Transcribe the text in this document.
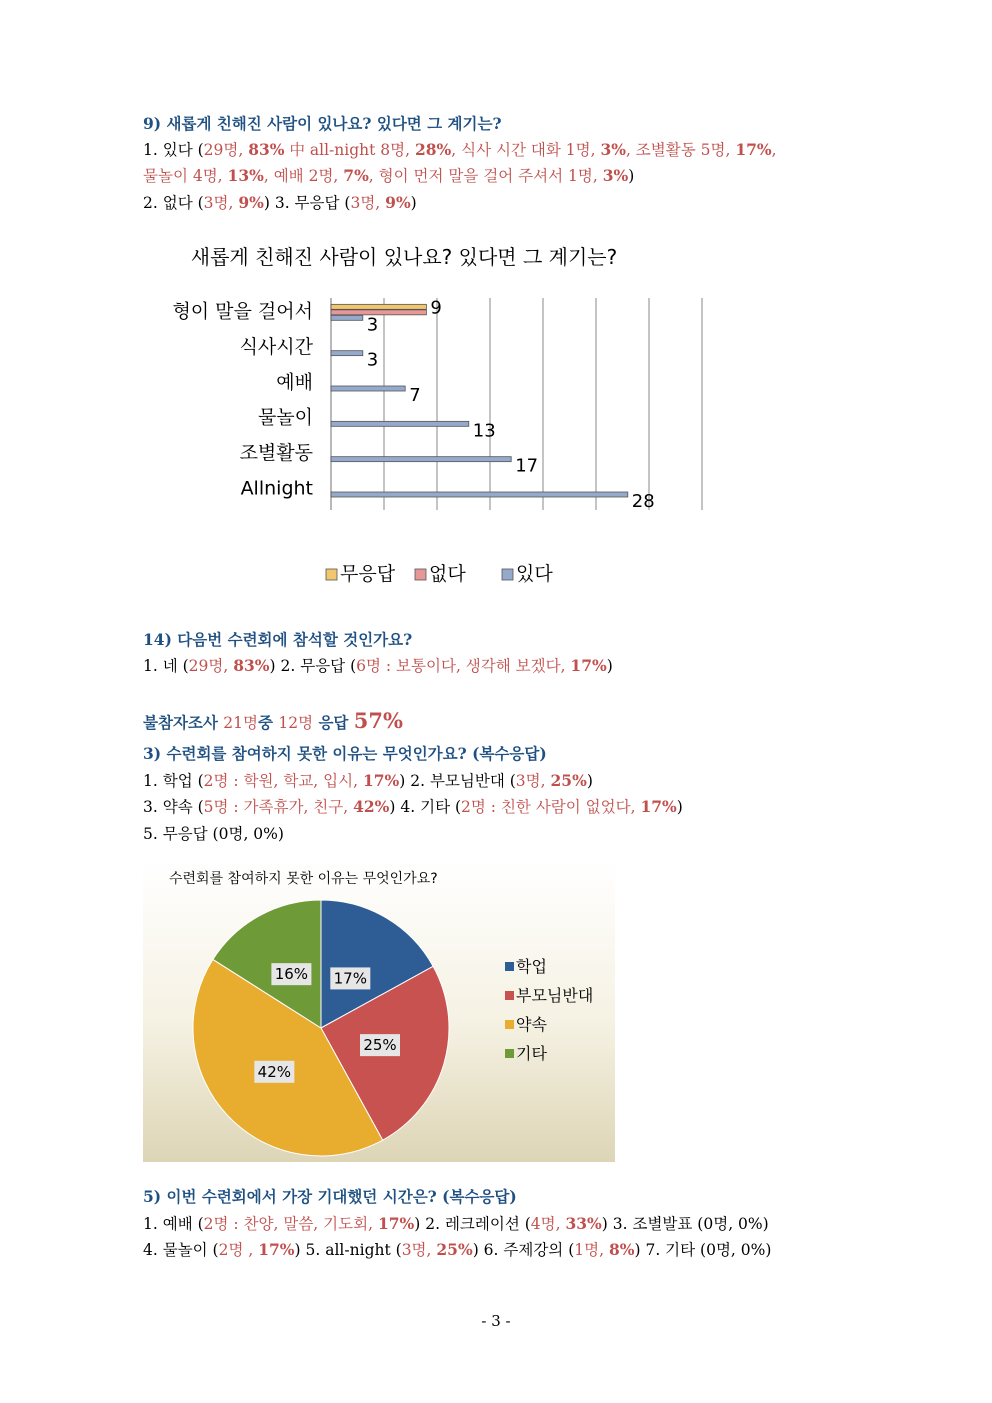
9) 새롭게 친해진 사람이 있나요? 있다면 그 계기는?
1. 있다 (29명, 83% 中 all-night 8명, 28%, 식사 시간 대화 1명, 3%, 조별활동 5명, 17%,
물놀이 4명, 13%, 예배 2명, 7%, 형이 먼저 말을 걸어 주셔서 1명, 3%)
2. 없다 (3명, 9%) 3. 무응답 (3명, 9%)
새롭게 친해진 사람이 있나요? 있다면 그 계기는?
형이 말을 걸어서
식사시간
예배
물놀이
조별활동
Allnight
9
3
3
7
13
17
28
무응답 없다	있다
14) 다음번 수련회에 참석할 것인가요?
1. 네 (29명, 83%) 2. 무응답 (6명 : 보통이다, 생각해 보겠다, 17%)
불참자조사 21명중 12명 응답 57%
3) 수련회를 참여하지 못한 이유는 무엇인가요? (복수응답)
1. 학업 (2명 : 학원, 학교, 입시, 17%) 2. 부모님반대 (3명, 25%)
3. 약속 (5명 : 가족휴가, 친구, 42%) 4. 기타 (2명 : 친한 사람이 없었다, 17%)
5. 무응답 (0명, 0%)
수련회를 참여하지 못한 이유는 무엇인가요?
17%
25%
42%
16%	학업
부모님반대
약속
기타
5) 이번 수련회에서 가장 기대했던 시간은? (복수응답)
1. 예배 (2명 : 찬양, 말씀, 기도회, 17%) 2. 레크레이션 (4명, 33%) 3. 조별발표 (0명, 0%)
4. 물놀이 (2명 , 17%) 5. all-night (3명, 25%) 6. 주제강의 (1명, 8%) 7. 기타 (0명, 0%)
- 3 -
